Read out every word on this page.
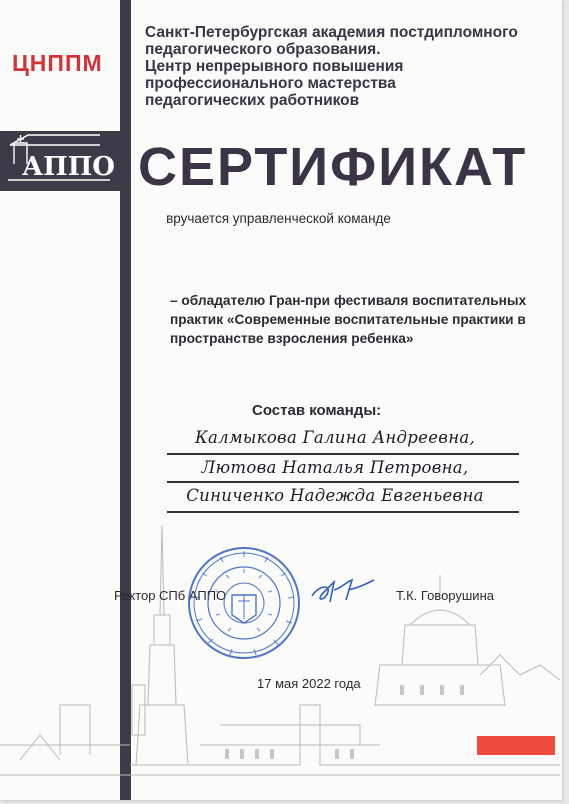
ЦНППМ
АППО
Санкт-Петербургская академия постдипломного
педагогического образования.
Центр непрерывного повышения
профессионального мастерства
педагогических работников
СЕРТИФИКАТ
вручается управленческой команде
– обладателю Гран-при фестиваля воспитательных
практик «Современные воспитательные практики в
пространстве взросления ребенка»
Состав команды:
Калмыкова Галина Андреевна,
Лютова Наталья Петровна,
Синиченко Надежда Евгеньевна
Ректор СПб АППО	Т.К. Говорушина
17 мая 2022 года
